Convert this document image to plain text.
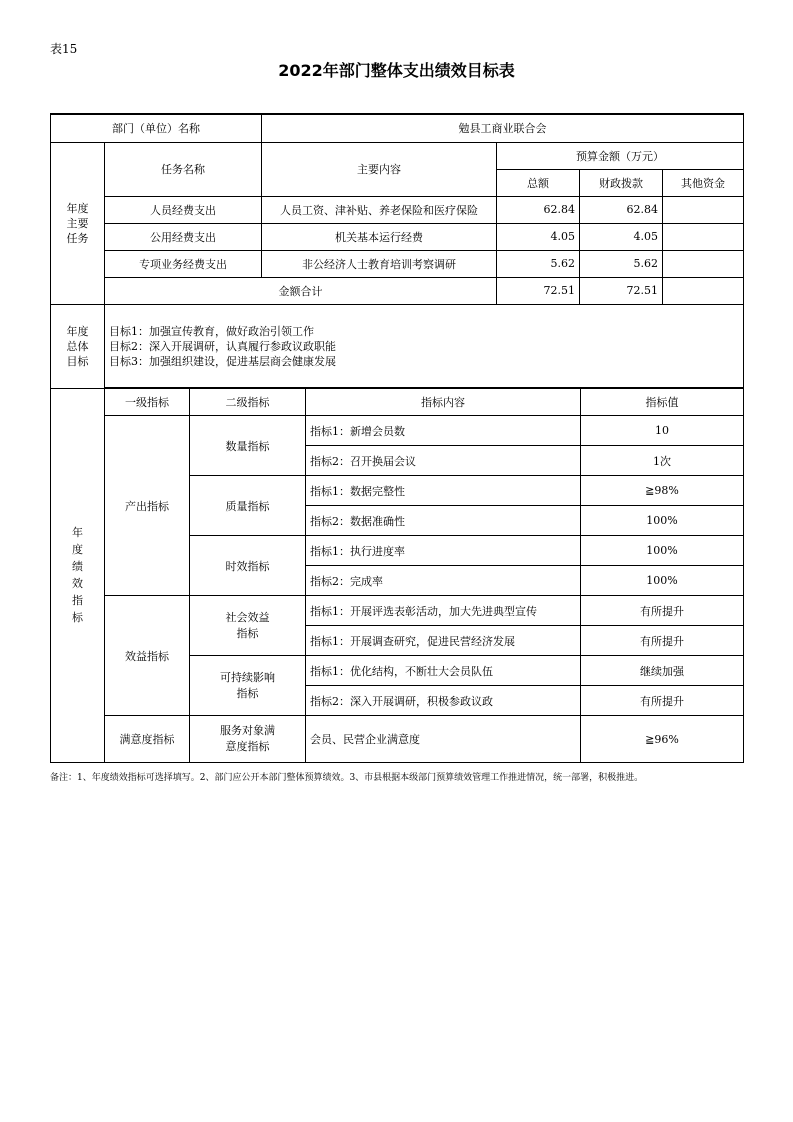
表15
2022年部门整体支出绩效目标表
部门（单位）名称		勉县工商业联合会			

年度主要任务	任务名称	主要内容	预算金额（万元）		
			总额	财政拨款	其他资金
	人员经费支出	人员工资、津补贴、养老保险和医疗保险	62.84	62.84	
	公用经费支出	机关基本运行经费	4.05	4.05	
	专项业务经费支出	非公经济人士教育培训考察调研	5.62	5.62	
	金额合计		72.51	72.51	

年度总体目标	目标1：加强宣传教育，做好政治引领工作
目标2：深入开展调研，认真履行参政议政职能
目标3：加强组织建设，促进基层商会健康发展				
年度绩效指标	一级指标	二级指标	指标内容	指标值
	产出指标	数量指标	指标1：新增会员数	10
			指标2：召开换届会议	1次
		质量指标	指标1：数据完整性	≧98%
			指标2：数据准确性	100%
		时效指标	指标1：执行进度率	100%
			指标2：完成率	100%
	效益指标	社会效益指标	指标1：开展评选表彰活动，加大先进典型宣传	有所提升
			指标1：开展调查研究，促进民营经济发展	有所提升

		可持续影响指标	指标1：优化结构，不断壮大会员队伍	继续加强
			指标2：深入开展调研，积极参政议政	有所提升
	满意度指标	服务对象满意度指标	会员、民营企业满意度	≧96%
备注：1、年度绩效指标可选择填写。2、部门应公开本部门整体预算绩效。3、市县根据本级部门预算绩效管理工作推进情况，统一部署，积极推进。
